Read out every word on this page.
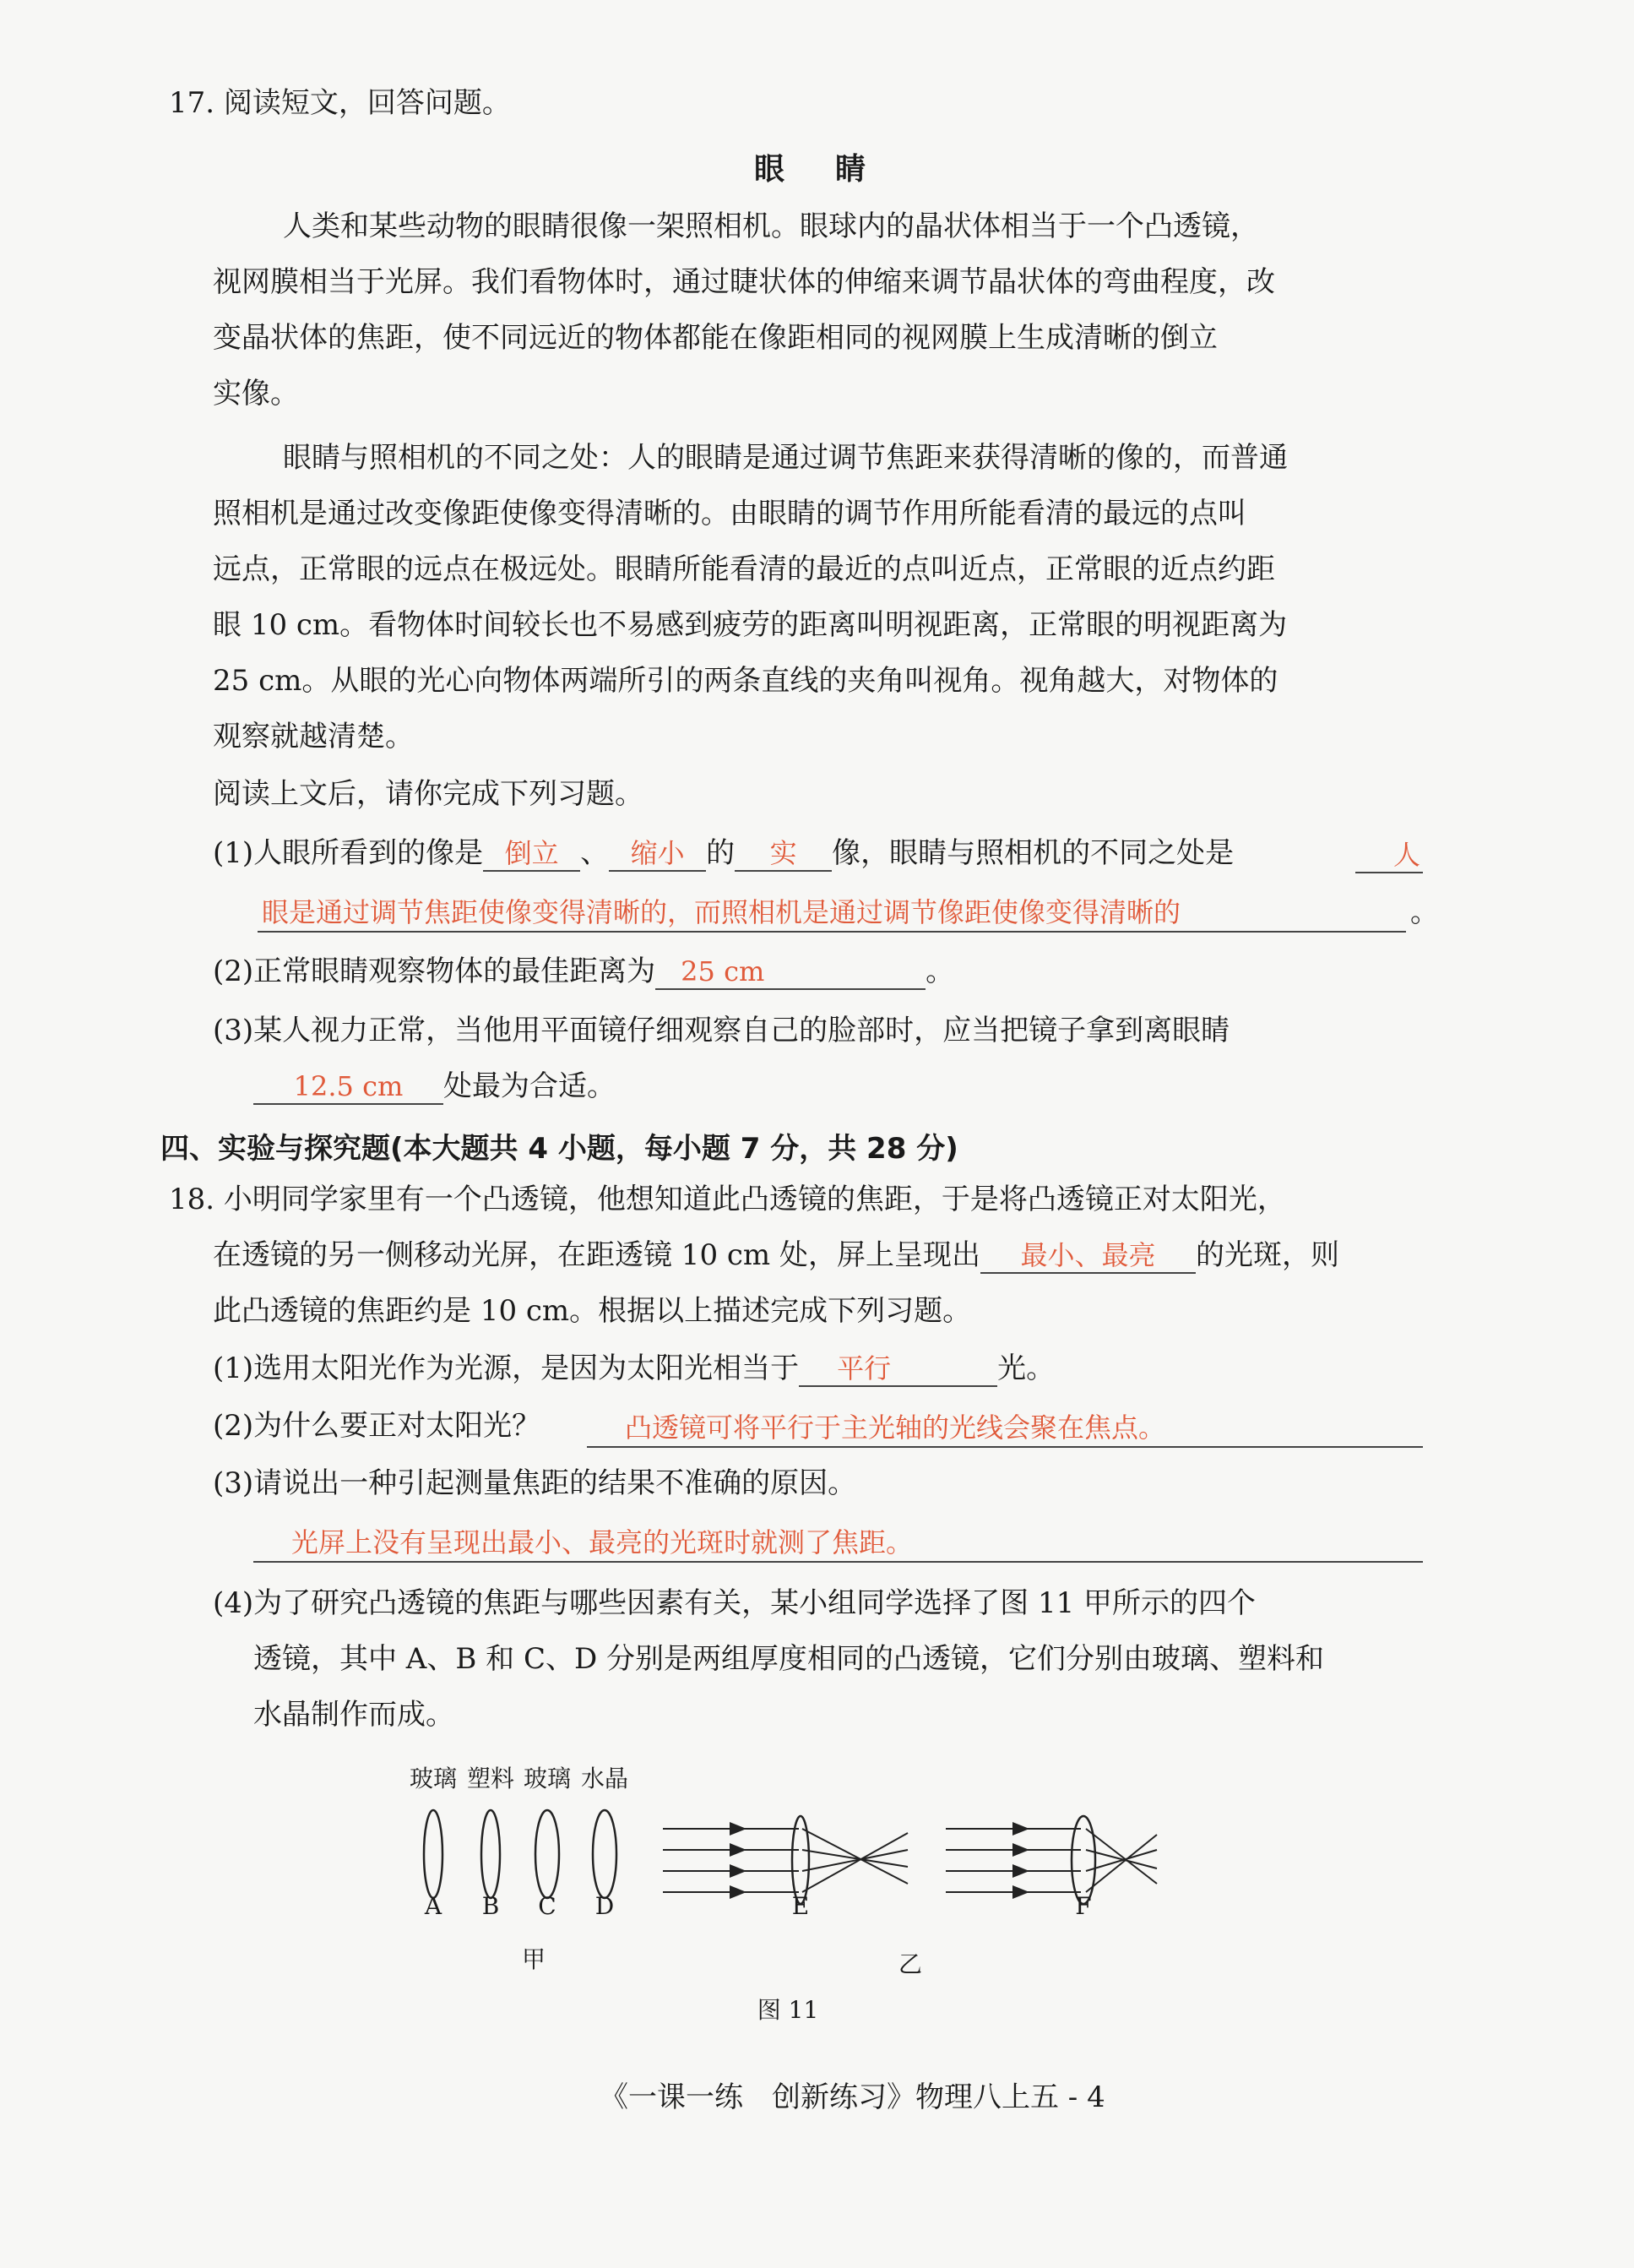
17. 阅读短文，回答问题。
眼睛
人类和某些动物的眼睛很像一架照相机。眼球内的晶状体相当于一个凸透镜，
视网膜相当于光屏。我们看物体时，通过睫状体的伸缩来调节晶状体的弯曲程度，改
变晶状体的焦距，使不同远近的物体都能在像距相同的视网膜上生成清晰的倒立
实像。
眼睛与照相机的不同之处：人的眼睛是通过调节焦距来获得清晰的像的，而普通
照相机是通过改变像距使像变得清晰的。由眼睛的调节作用所能看清的最远的点叫
远点，正常眼的远点在极远处。眼睛所能看清的最近的点叫近点，正常眼的近点约距
眼 10 cm。看物体时间较长也不易感到疲劳的距离叫明视距离，正常眼的明视距离为
25 cm。从眼的光心向物体两端所引的两条直线的夹角叫视角。视角越大，对物体的
观察就越清楚。
阅读上文后，请你完成下列习题。
(1)人眼所看到的像是 倒立 、 缩小 的 实 像，眼睛与照相机的不同之处是	人
眼是通过调节焦距使像变得清晰的，而照相机是通过调节像距使像变得清晰的	。
(2)正常眼睛观察物体的最佳距离为 25 cm	。
(3)某人视力正常，当他用平面镜仔细观察自己的脸部时，应当把镜子拿到离眼睛
12.5 cm 处最为合适。
四、实验与探究题(本大题共 4 小题，每小题 7 分，共 28 分)
18. 小明同学家里有一个凸透镜，他想知道此凸透镜的焦距，于是将凸透镜正对太阳光，
在透镜的另一侧移动光屏，在距透镜 10 cm 处，屏上呈现出 最小、最亮 的光斑，则
此凸透镜的焦距约是 10 cm。根据以上描述完成下列习题。
(1)选用太阳光作为光源，是因为太阳光相当于 平行	光。
(2)为什么要正对太阳光？	凸透镜可将平行于主光轴的光线会聚在焦点。
(3)请说出一种引起测量焦距的结果不准确的原因。
光屏上没有呈现出最小、最亮的光斑时就测了焦距。
(4)为了研究凸透镜的焦距与哪些因素有关，某小组同学选择了图 11 甲所示的四个
透镜，其中 A、B 和 C、D 分别是两组厚度相同的凸透镜，它们分别由玻璃、塑料和
水晶制作而成。
玻璃 塑料 玻璃 水晶
A	B	C	D	E	F
甲	乙
图 11
《一课一练　创新练习》物理八上五 - 4
